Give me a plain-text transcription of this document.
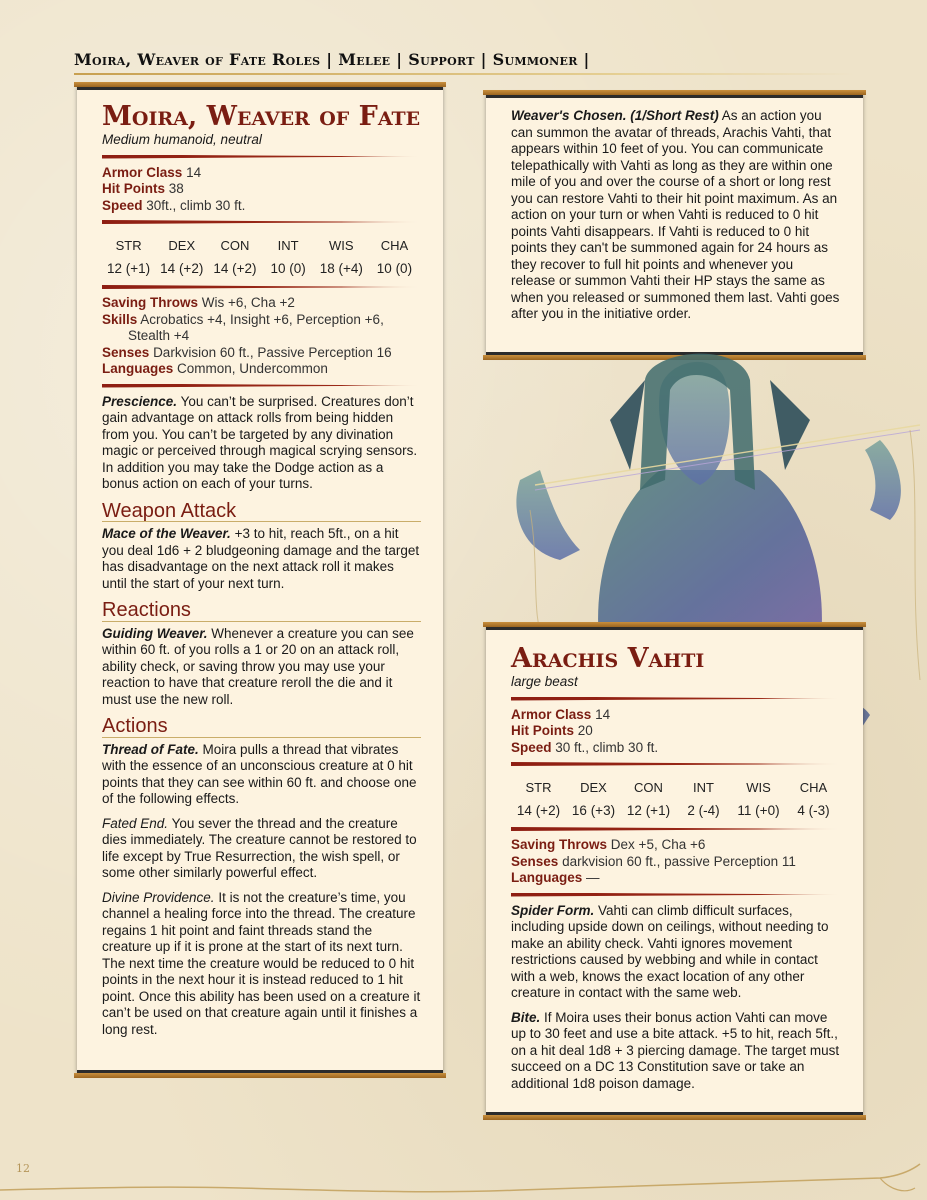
Moira, Weaver of Fate Roles | Melee | Support | Summoner |
Moira, Weaver of Fate
Medium humanoid, neutral
Armor Class 14
Hit Points 38
Speed 30ft., climb 30 ft.
STR
12 (+1)
DEX
14 (+2)
CON
14 (+2)
INT
10 (0)
WIS
18 (+4)
CHA
10 (0)
Saving Throws Wis +6, Cha +2
Skills Acrobatics +4, Insight +6, Perception +6, Stealth +4
Senses Darkvision 60 ft., Passive Perception 16
Languages Common, Undercommon

Prescience. You can’t be surprised. Creatures don’t gain advantage on attack rolls from being hidden from you. You can’t be targeted by any divination magic or perceived through magical scrying sensors. In addition you may take the Dodge action as a bonus action on each of your turns.

Weapon Attack

Mace of the Weaver. +3 to hit, reach 5ft., on a hit you deal 1d6 + 2 bludgeoning damage and the target has disadvantage on the next attack roll it makes until the start of your next turn.

Reactions

Guiding Weaver. Whenever a creature you can see within 60 ft. of you rolls a 1 or 20 on an attack roll, ability check, or saving throw you may use your reaction to have that creature reroll the die and it must use the new roll.

Actions

Thread of Fate. Moira pulls a thread that vibrates with the essence of an unconscious creature at 0 hit points that they can see within 60 ft. and choose one of the following effects.

Fated End. You sever the thread and the creature dies immediately. The creature cannot be restored to life except by True Resurrection, the wish spell, or some other similarly powerful effect.

Divine Providence. It is not the creature’s time, you channel a healing force into the thread. The creature regains 1 hit point and faint threads stand the creature up if it is prone at the start of its next turn. The next time the creature would be reduced to 0 hit points in the next hour it is instead reduced to 1 hit point. Once this ability has been used on a creature it can’t be used on that creature again until it finishes a long rest.

Weaver's Chosen. (1/Short Rest) As an action you can summon the avatar of threads, Arachis Vahti, that appears within 10 feet of you. You can communicate telepathically with Vahti as long as they are within one mile of you and over the course of a short or long rest you can restore Vahti to their hit point maximum. As an action on your turn or when Vahti is reduced to 0 hit points Vahti disappears. If Vahti is reduced to 0 hit points they can't be summoned again for 24 hours as they recover to full hit points and whenever you release or summon Vahti their HP stays the same as when you released or summoned them last. Vahti goes after you in the initiative order.

Arachis Vahti
large beast
Armor Class 14
Hit Points 20
Speed 30 ft., climb 30 ft.
STR
14 (+2)
DEX
16 (+3)
CON
12 (+1)
INT
2 (-4)
WIS
11 (+0)
CHA
4 (-3)
Saving Throws Dex +5, Cha +6
Senses darkvision 60 ft., passive Perception 11
Languages —

Spider Form. Vahti can climb difficult surfaces, including upside down on ceilings, without needing to make an ability check. Vahti ignores movement restrictions caused by webbing and while in contact with a web, knows the exact location of any other creature in contact with the same web.

Bite. If Moira uses their bonus action Vahti can move up to 30 feet and use a bite attack. +5 to hit, reach 5ft., on a hit deal 1d8 + 3 piercing damage. The target must succeed on a DC 13 Constitution save or take an additional 1d8 poison damage.

12
